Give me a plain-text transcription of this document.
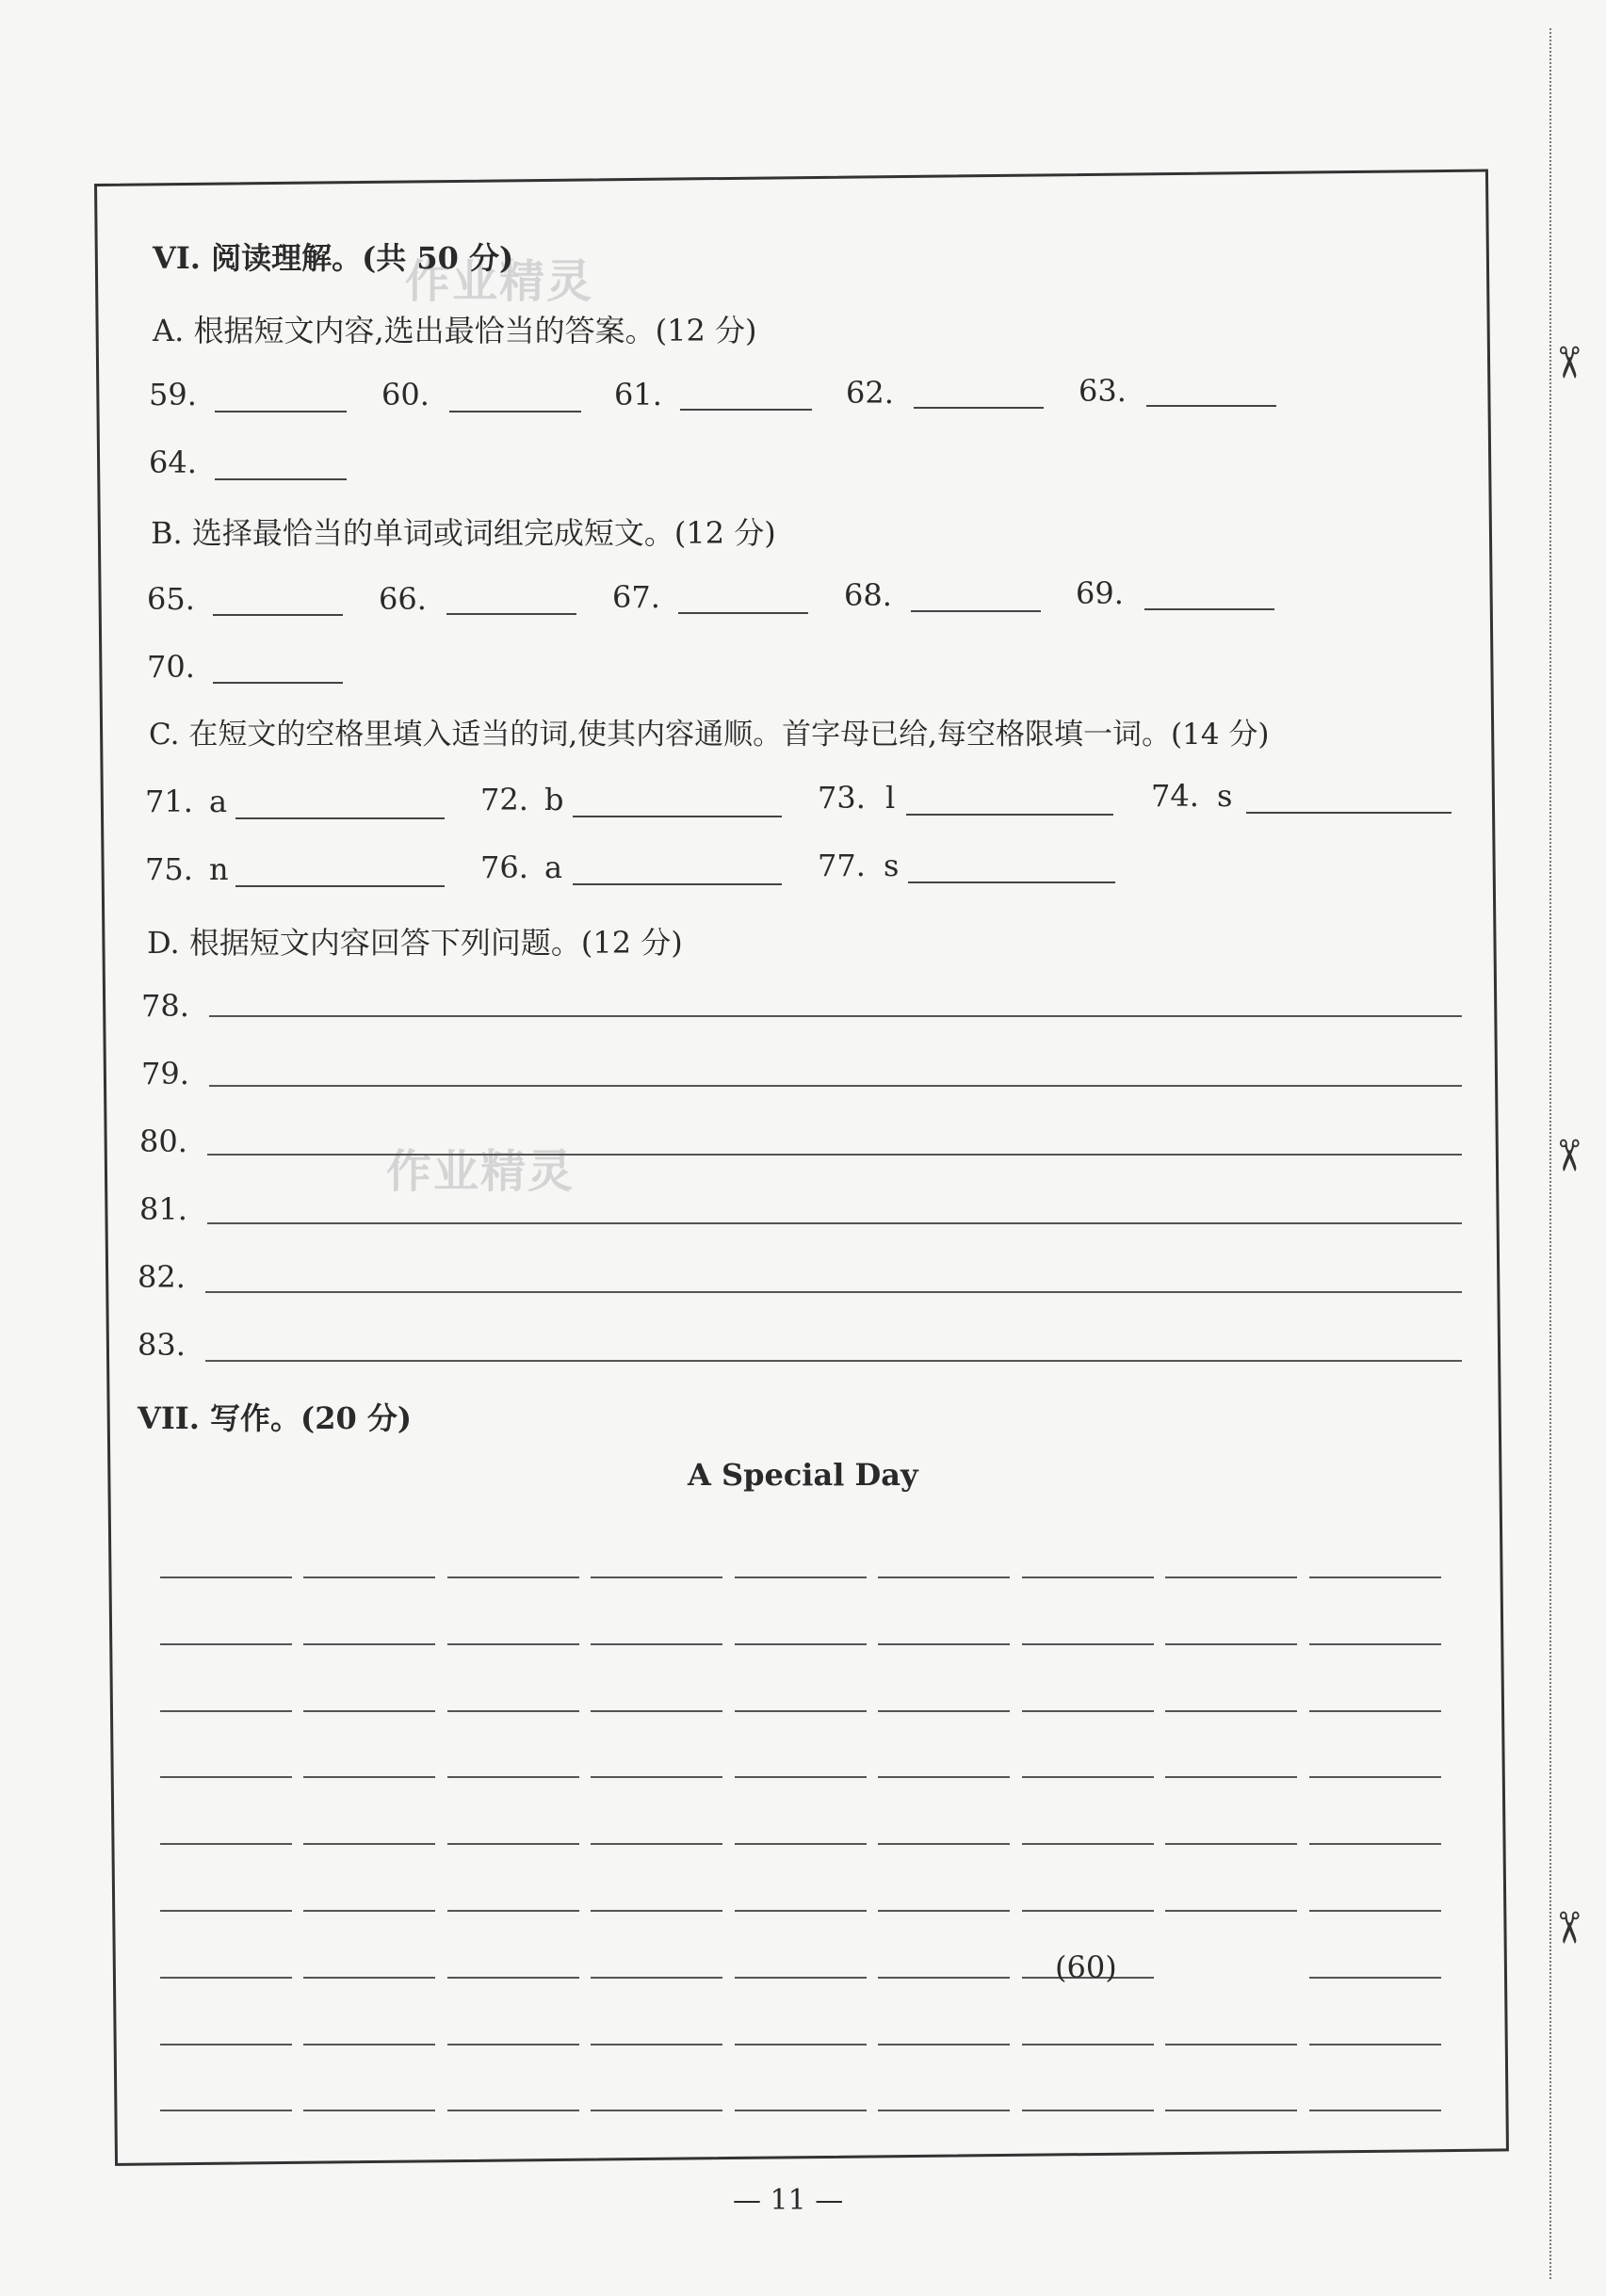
✂
✂
✂
作业精灵
作业精灵
VI. 阅读理解。(共 50 分)
A. 根据短文内容,选出最恰当的答案。(12 分)
59.	60.	61.	62.	63.
64.
B. 选择最恰当的单词或词组完成短文。(12 分)
65.	66.	67.	68.	69.
70.
C. 在短文的空格里填入适当的词,使其内容通顺。首字母已给,每空格限填一词。(14 分)
71. a	72. b	73. l	74. s
75. n	76. a	77. s
D. 根据短文内容回答下列问题。(12 分)
78.
79.
80.
81.
82.
83.
VII. 写作。(20 分)
A Special Day
(60)
— 11 —
